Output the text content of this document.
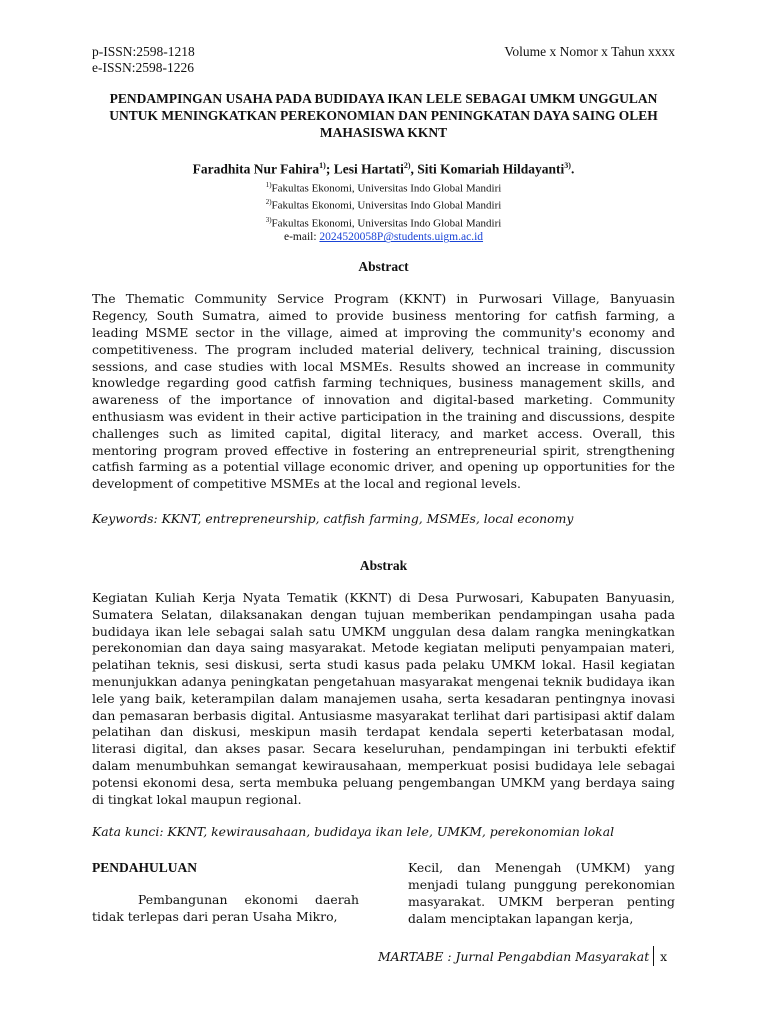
p-ISSN:2598-1218
e-ISSN:2598-1226
Volume x Nomor x Tahun xxxx
PENDAMPINGAN USAHA PADA BUDIDAYA IKAN LELE SEBAGAI UMKM UNGGULAN UNTUK MENINGKATKAN PEREKONOMIAN DAN PENINGKATAN DAYA SAING OLEH MAHASISWA KKNT
Faradhita Nur Fahira$^{1)}$; Lesi Hartati$^{2)}$, Siti Komariah Hildayanti$^{3)}$.
$^{1)}$Fakultas Ekonomi, Universitas Indo Global Mandiri
$^{2)}$Fakultas Ekonomi, Universitas Indo Global Mandiri
$^{3)}$Fakultas Ekonomi, Universitas Indo Global Mandiri
e-mail: 2024520058P@students.uigm.ac.id
Abstract
The Thematic Community Service Program (KKNT) in Purwosari Village, Banyuasin Regency, South Sumatra, aimed to provide business mentoring for catfish farming, a leading MSME sector in the village, aimed at improving the community's economy and competitiveness. The program included material delivery, technical training, discussion sessions, and case studies with local MSMEs. Results showed an increase in community knowledge regarding good catfish farming techniques, business management skills, and awareness of the importance of innovation and digital-based marketing. Community enthusiasm was evident in their active participation in the training and discussions, despite challenges such as limited capital, digital literacy, and market access. Overall, this mentoring program proved effective in fostering an entrepreneurial spirit, strengthening catfish farming as a potential village economic driver, and opening up opportunities for the development of competitive MSMEs at the local and regional levels.
Keywords: KKNT, entrepreneurship, catfish farming, MSMEs, local economy
Abstrak
Kegiatan Kuliah Kerja Nyata Tematik (KKNT) di Desa Purwosari, Kabupaten Banyuasin, Sumatera Selatan, dilaksanakan dengan tujuan memberikan pendampingan usaha pada budidaya ikan lele sebagai salah satu UMKM unggulan desa dalam rangka meningkatkan perekonomian dan daya saing masyarakat. Metode kegiatan meliputi penyampaian materi, pelatihan teknis, sesi diskusi, serta studi kasus pada pelaku UMKM lokal. Hasil kegiatan menunjukkan adanya peningkatan pengetahuan masyarakat mengenai teknik budidaya ikan lele yang baik, keterampilan dalam manajemen usaha, serta kesadaran pentingnya inovasi dan pemasaran berbasis digital. Antusiasme masyarakat terlihat dari partisipasi aktif dalam pelatihan dan diskusi, meskipun masih terdapat kendala seperti keterbatasan modal, literasi digital, dan akses pasar. Secara keseluruhan, pendampingan ini terbukti efektif dalam menumbuhkan semangat kewirausahaan, memperkuat posisi budidaya lele sebagai potensi ekonomi desa, serta membuka peluang pengembangan UMKM yang berdaya saing di tingkat lokal maupun regional.
Kata kunci: KKNT, kewirausahaan, budidaya ikan lele, UMKM, perekonomian lokal
PENDAHULUAN
Pembangunan ekonomi daerah tidak terlepas dari peran Usaha Mikro,
Kecil, dan Menengah (UMKM) yang menjadi tulang punggung perekonomian masyarakat. UMKM berperan penting dalam menciptakan lapangan kerja,
MARTABE : Jurnal Pengabdian Masyarakat x
